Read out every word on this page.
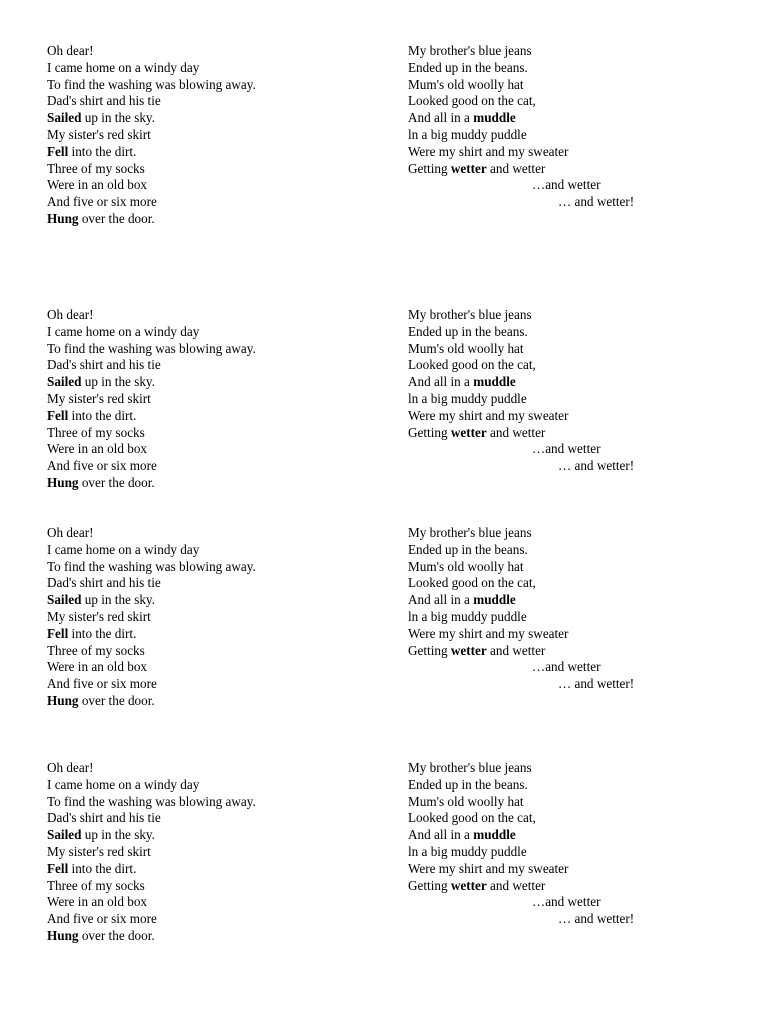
Oh dear!
I came home on a windy day
To find the washing was blowing away.
Dad's shirt and his tie
Sailed up in the sky.
My sister's red skirt
Fell into the dirt.
Three of my socks
Were in an old box
And five or six more
Hung over the door.
My brother's blue jeans
Ended up in the beans.
Mum's old woolly hat
Looked good on the cat,
And all in a muddle
ln a big muddy puddle
Were my shirt and my sweater
Getting wetter and wetter
…and wetter
… and wetter!
Oh dear!
I came home on a windy day
To find the washing was blowing away.
Dad's shirt and his tie
Sailed up in the sky.
My sister's red skirt
Fell into the dirt.
Three of my socks
Were in an old box
And five or six more
Hung over the door.
My brother's blue jeans
Ended up in the beans.
Mum's old woolly hat
Looked good on the cat,
And all in a muddle
ln a big muddy puddle
Were my shirt and my sweater
Getting wetter and wetter
…and wetter
… and wetter!
Oh dear!
I came home on a windy day
To find the washing was blowing away.
Dad's shirt and his tie
Sailed up in the sky.
My sister's red skirt
Fell into the dirt.
Three of my socks
Were in an old box
And five or six more
Hung over the door.
My brother's blue jeans
Ended up in the beans.
Mum's old woolly hat
Looked good on the cat,
And all in a muddle
ln a big muddy puddle
Were my shirt and my sweater
Getting wetter and wetter
…and wetter
… and wetter!
Oh dear!
I came home on a windy day
To find the washing was blowing away.
Dad's shirt and his tie
Sailed up in the sky.
My sister's red skirt
Fell into the dirt.
Three of my socks
Were in an old box
And five or six more
Hung over the door.
My brother's blue jeans
Ended up in the beans.
Mum's old woolly hat
Looked good on the cat,
And all in a muddle
ln a big muddy puddle
Were my shirt and my sweater
Getting wetter and wetter
…and wetter
… and wetter!
